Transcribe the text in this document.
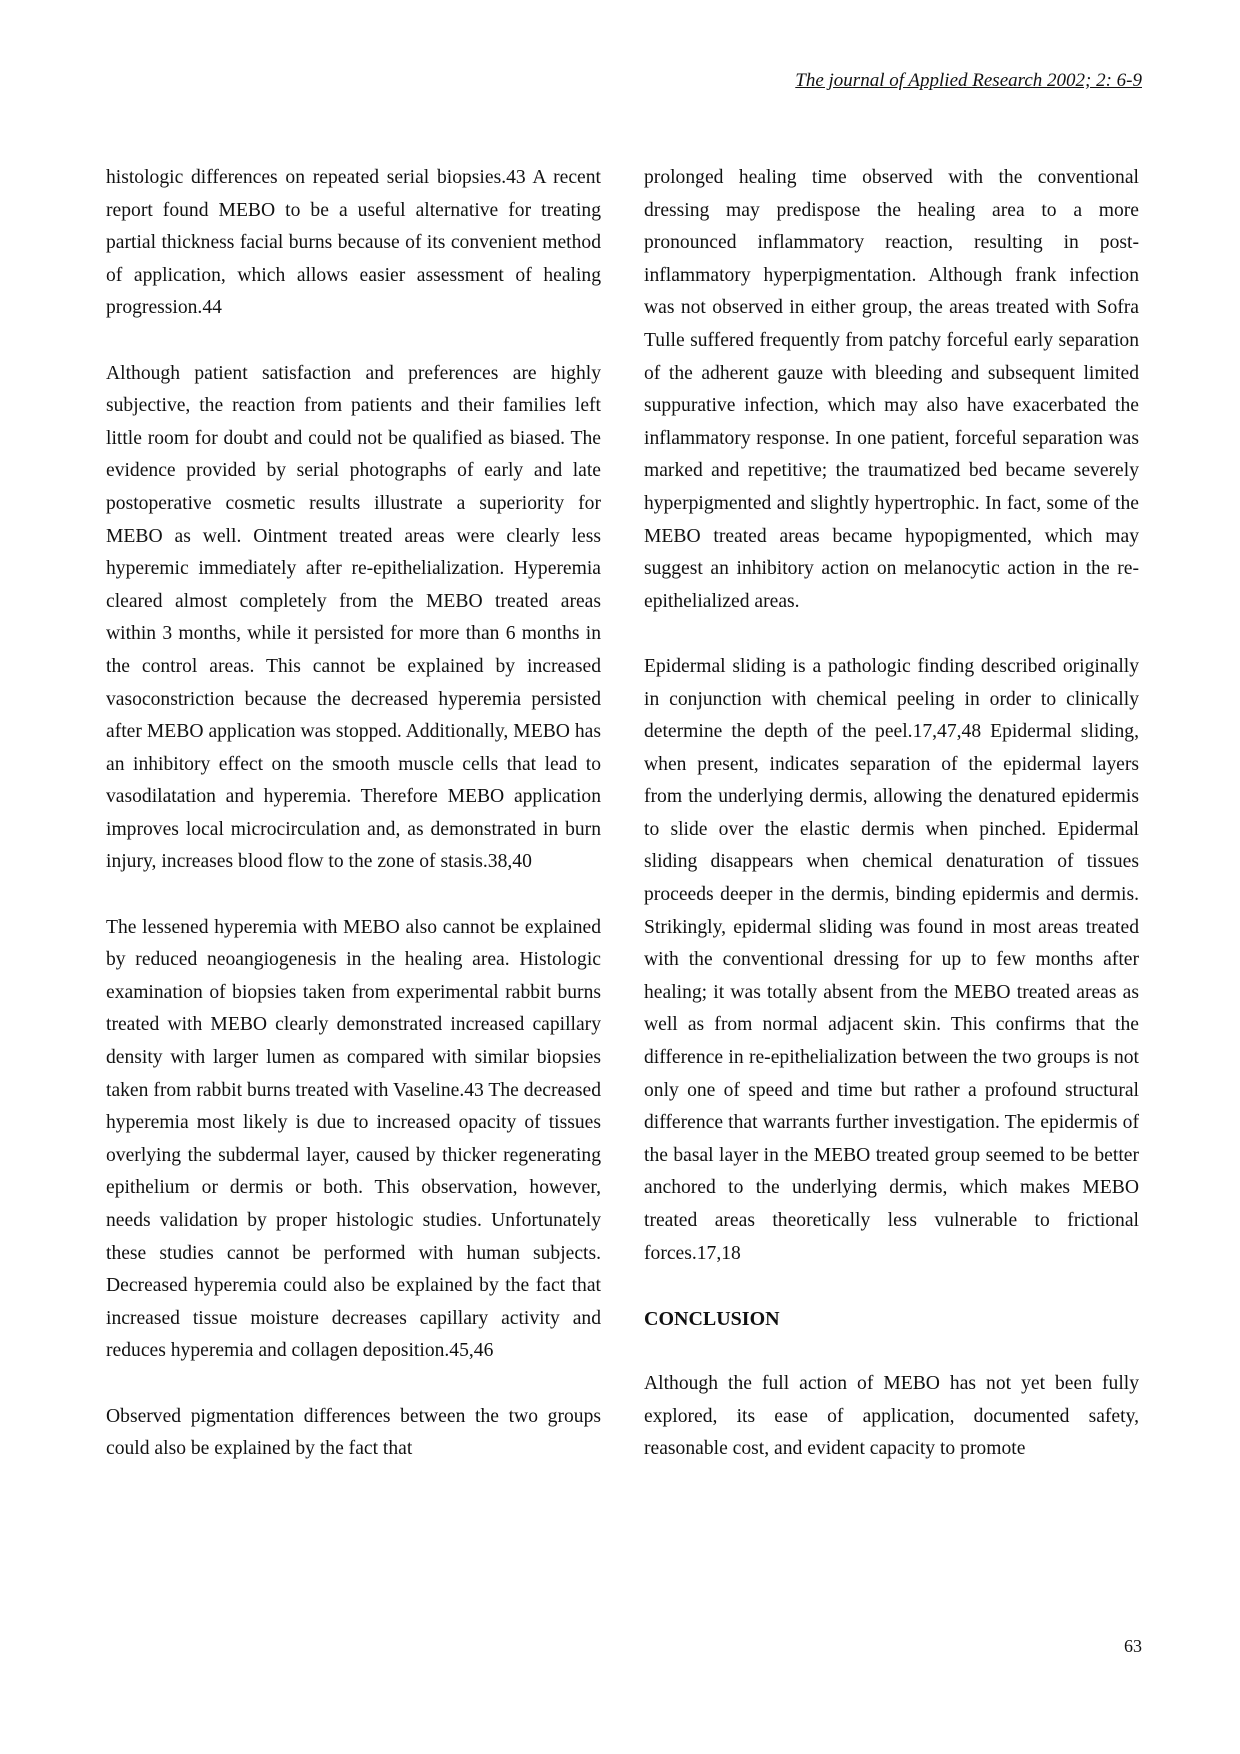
The journal of Applied Research 2002; 2: 6-9

histologic differences on repeated serial biopsies.43 A recent report found MEBO to be a useful alternative for treating partial thickness facial burns because of its convenient method of application, which allows easier assessment of healing progression.44

Although patient satisfaction and preferences are highly subjective, the reaction from patients and their families left little room for doubt and could not be qualified as biased. The evidence provided by serial photographs of early and late postoperative cosmetic results illustrate a superiority for MEBO as well. Ointment treated areas were clearly less hyperemic immediately after re-epithelialization. Hyperemia cleared almost completely from the MEBO treated areas within 3 months, while it persisted for more than 6 months in the control areas. This cannot be explained by increased vasoconstriction because the decreased hyperemia persisted after MEBO application was stopped. Additionally, MEBO has an inhibitory effect on the smooth muscle cells that lead to vasodilatation and hyperemia. Therefore MEBO application improves local microcirculation and, as demonstrated in burn injury, increases blood flow to the zone of stasis.38,40

The lessened hyperemia with MEBO also cannot be explained by reduced neoangiogenesis in the healing area. Histologic examination of biopsies taken from experimental rabbit burns treated with MEBO clearly demonstrated increased capillary density with larger lumen as compared with similar biopsies taken from rabbit burns treated with Vaseline.43 The decreased hyperemia most likely is due to increased opacity of tissues overlying the subdermal layer, caused by thicker regenerating epithelium or dermis or both. This observation, however, needs validation by proper histologic studies. Unfortunately these studies cannot be performed with human subjects. Decreased hyperemia could also be explained by the fact that increased tissue moisture decreases capillary activity and reduces hyperemia and collagen deposition.45,46

Observed pigmentation differences between the two groups could also be explained by the fact that

prolonged healing time observed with the conventional dressing may predispose the healing area to a more pronounced inflammatory reaction, resulting in post-inflammatory hyperpigmentation. Although frank infection was not observed in either group, the areas treated with Sofra Tulle suffered frequently from patchy forceful early separation of the adherent gauze with bleeding and subsequent limited suppurative infection, which may also have exacerbated the inflammatory response. In one patient, forceful separation was marked and repetitive; the traumatized bed became severely hyperpigmented and slightly hypertrophic. In fact, some of the MEBO treated areas became hypopigmented, which may suggest an inhibitory action on melanocytic action in the re-epithelialized areas.

Epidermal sliding is a pathologic finding described originally in conjunction with chemical peeling in order to clinically determine the depth of the peel.17,47,48 Epidermal sliding, when present, indicates separation of the epidermal layers from the underlying dermis, allowing the denatured epidermis to slide over the elastic dermis when pinched. Epidermal sliding disappears when chemical denaturation of tissues proceeds deeper in the dermis, binding epidermis and dermis. Strikingly, epidermal sliding was found in most areas treated with the conventional dressing for up to few months after healing; it was totally absent from the MEBO treated areas as well as from normal adjacent skin. This confirms that the difference in re-epithelialization between the two groups is not only one of speed and time but rather a profound structural difference that warrants further investigation. The epidermis of the basal layer in the MEBO treated group seemed to be better anchored to the underlying dermis, which makes MEBO treated areas theoretically less vulnerable to frictional forces.17,18

CONCLUSION

Although the full action of MEBO has not yet been fully explored, its ease of application, documented safety, reasonable cost, and evident capacity to promote

63
